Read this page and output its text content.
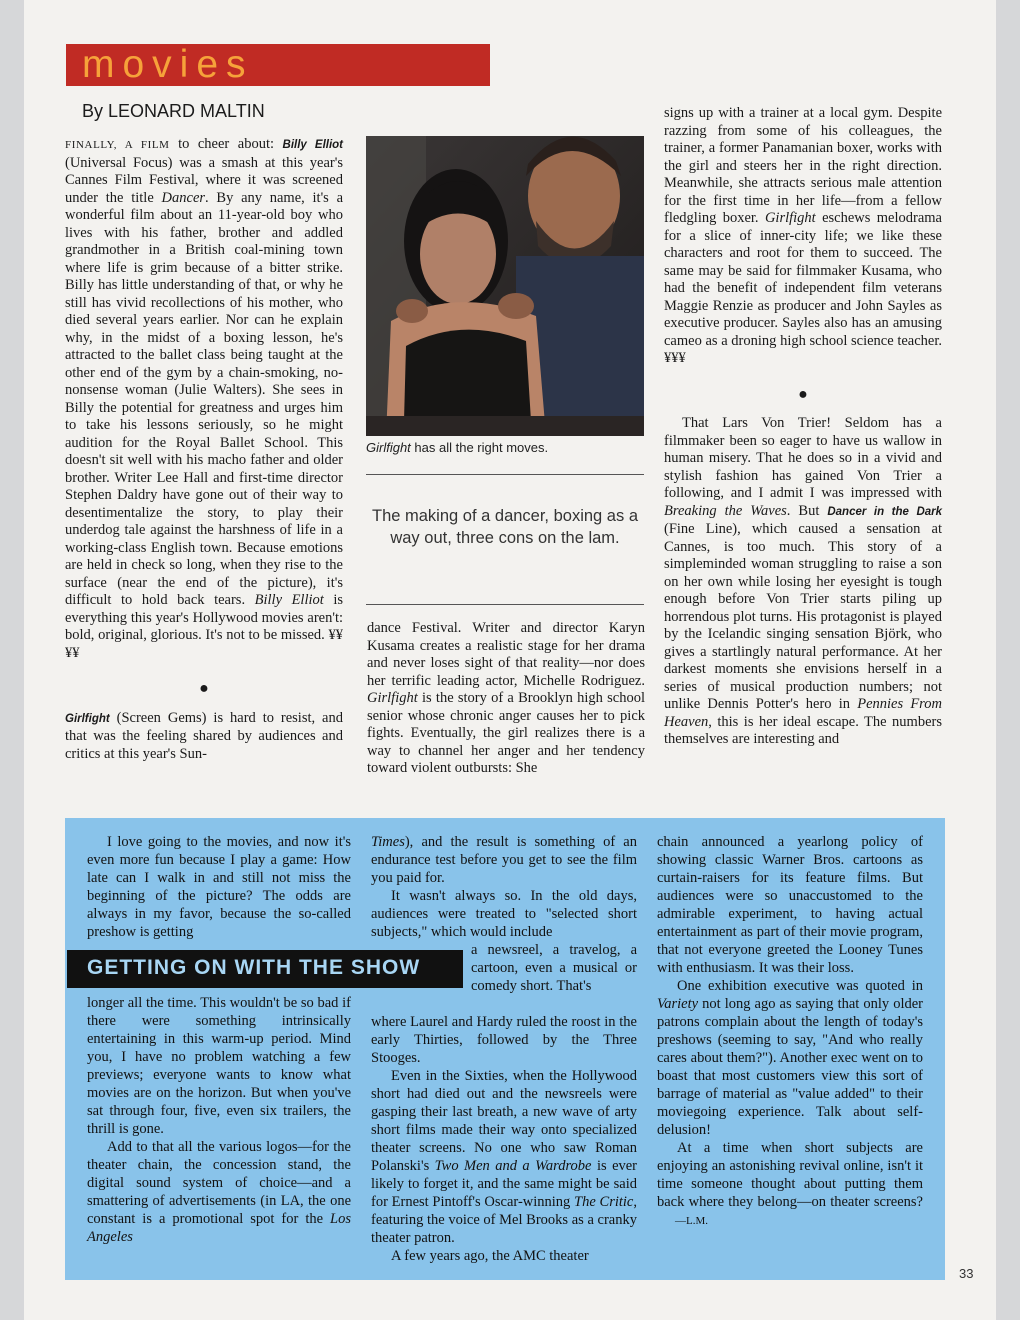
movies
By LEONARD MALTIN

FINALLY, A FILM to cheer about: Billy Elliot (Universal Focus) was a smash at this year's Cannes Film Festival, where it was screened under the title Dancer. By any name, it's a wonderful film about an 11-year-old boy who lives with his father, brother and addled grandmother in a British coal-mining town where life is grim because of a bitter strike. Billy has little understanding of that, or why he still has vivid recollections of his mother, who died several years earlier. Nor can he explain why, in the midst of a boxing lesson, he's attracted to the ballet class being taught at the other end of the gym by a chain-smoking, no-nonsense woman (Julie Walters). She sees in Billy the potential for greatness and urges him to take his lessons seriously, so he might audition for the Royal Ballet School. This doesn't sit well with his macho father and older brother. Writer Lee Hall and first-time director Stephen Daldry have gone out of their way to desentimentalize the story, to play their underdog tale against the harshness of life in a working-class English town. Because emotions are held in check so long, when they rise to the surface (near the end of the picture), it's difficult to hold back tears. Billy Elliot is everything this year's Hollywood movies aren't: bold, original, glorious. It's not to be missed. ¥¥¥¥

●

Girlfight (Screen Gems) is hard to resist, and that was the feeling shared by audiences and critics at this year's Sun-

Girlfight has all the right moves.
The making of a dancer, boxing as a way out, three cons on the lam.

dance Festival. Writer and director Karyn Kusama creates a realistic stage for her drama and never loses sight of that reality—nor does her terrific leading actor, Michelle Rodriguez. Girlfight is the story of a Brooklyn high school senior whose chronic anger causes her to pick fights. Eventually, the girl realizes there is a way to channel her anger and her tendency toward violent outbursts: She

signs up with a trainer at a local gym. Despite razzing from some of his colleagues, the trainer, a former Panamanian boxer, works with the girl and steers her in the right direction. Meanwhile, she attracts serious male attention for the first time in her life—from a fellow fledgling boxer. Girlfight eschews melodrama for a slice of inner-city life; we like these characters and root for them to succeed. The same may be said for filmmaker Kusama, who had the benefit of independent film veterans Maggie Renzie as producer and John Sayles as executive producer. Sayles also has an amusing cameo as a droning high school science teacher. ¥¥¥

●

That Lars Von Trier! Seldom has a filmmaker been so eager to have us wallow in human misery. That he does so in a vivid and stylish fashion has gained Von Trier a following, and I admit I was impressed with Breaking the Waves. But Dancer in the Dark (Fine Line), which caused a sensation at Cannes, is too much. This story of a simpleminded woman struggling to raise a son on her own while losing her eyesight is tough enough before Von Trier starts piling up horrendous plot turns. His protagonist is played by the Icelandic singing sensation Björk, who gives a startlingly natural performance. At her darkest moments she envisions herself in a series of musical production numbers; not unlike Dennis Potter's hero in Pennies From Heaven, this is her ideal escape. The numbers themselves are interesting and

I love going to the movies, and now it's even more fun because I play a game: How late can I walk in and still not miss the beginning of the picture? The odds are always in my favor, because the so-called preshow is getting

GETTING ON WITH THE SHOW

longer all the time. This wouldn't be so bad if there were something intrinsically entertaining in this warm-up period. Mind you, I have no problem watching a few previews; everyone wants to know what movies are on the horizon. But when you've sat through four, five, even six trailers, the thrill is gone.

Add to that all the various logos—for the theater chain, the concession stand, the digital sound system of choice—and a smattering of advertisements (in LA, the one constant is a promotional spot for the Los Angeles

Times), and the result is something of an endurance test before you get to see the film you paid for.

It wasn't always so. In the old days, audiences were treated to "selected short subjects," which would include

a newsreel, a travelog, a cartoon, even a musical or comedy short. That's

where Laurel and Hardy ruled the roost in the early Thirties, followed by the Three Stooges.

Even in the Sixties, when the Hollywood short had died out and the newsreels were gasping their last breath, a new wave of arty short films made their way onto specialized theater screens. No one who saw Roman Polanski's Two Men and a Wardrobe is ever likely to forget it, and the same might be said for Ernest Pintoff's Oscar-winning The Critic, featuring the voice of Mel Brooks as a cranky theater patron.

A few years ago, the AMC theater

chain announced a yearlong policy of showing classic Warner Bros. cartoons as curtain-raisers for its feature films. But audiences were so unaccustomed to the admirable experiment, to having actual entertainment as part of their movie program, that not everyone greeted the Looney Tunes with enthusiasm. It was their loss.

One exhibition executive was quoted in Variety not long ago as saying that only older patrons complain about the length of today's preshows (seeming to say, "And who really cares about them?"). Another exec went on to boast that most customers view this sort of barrage of material as "value added" to their moviegoing experience. Talk about self-delusion!

At a time when short subjects are enjoying an astonishing revival online, isn't it time someone thought about putting them back where they belong—on theater screens? —L.M.

33
